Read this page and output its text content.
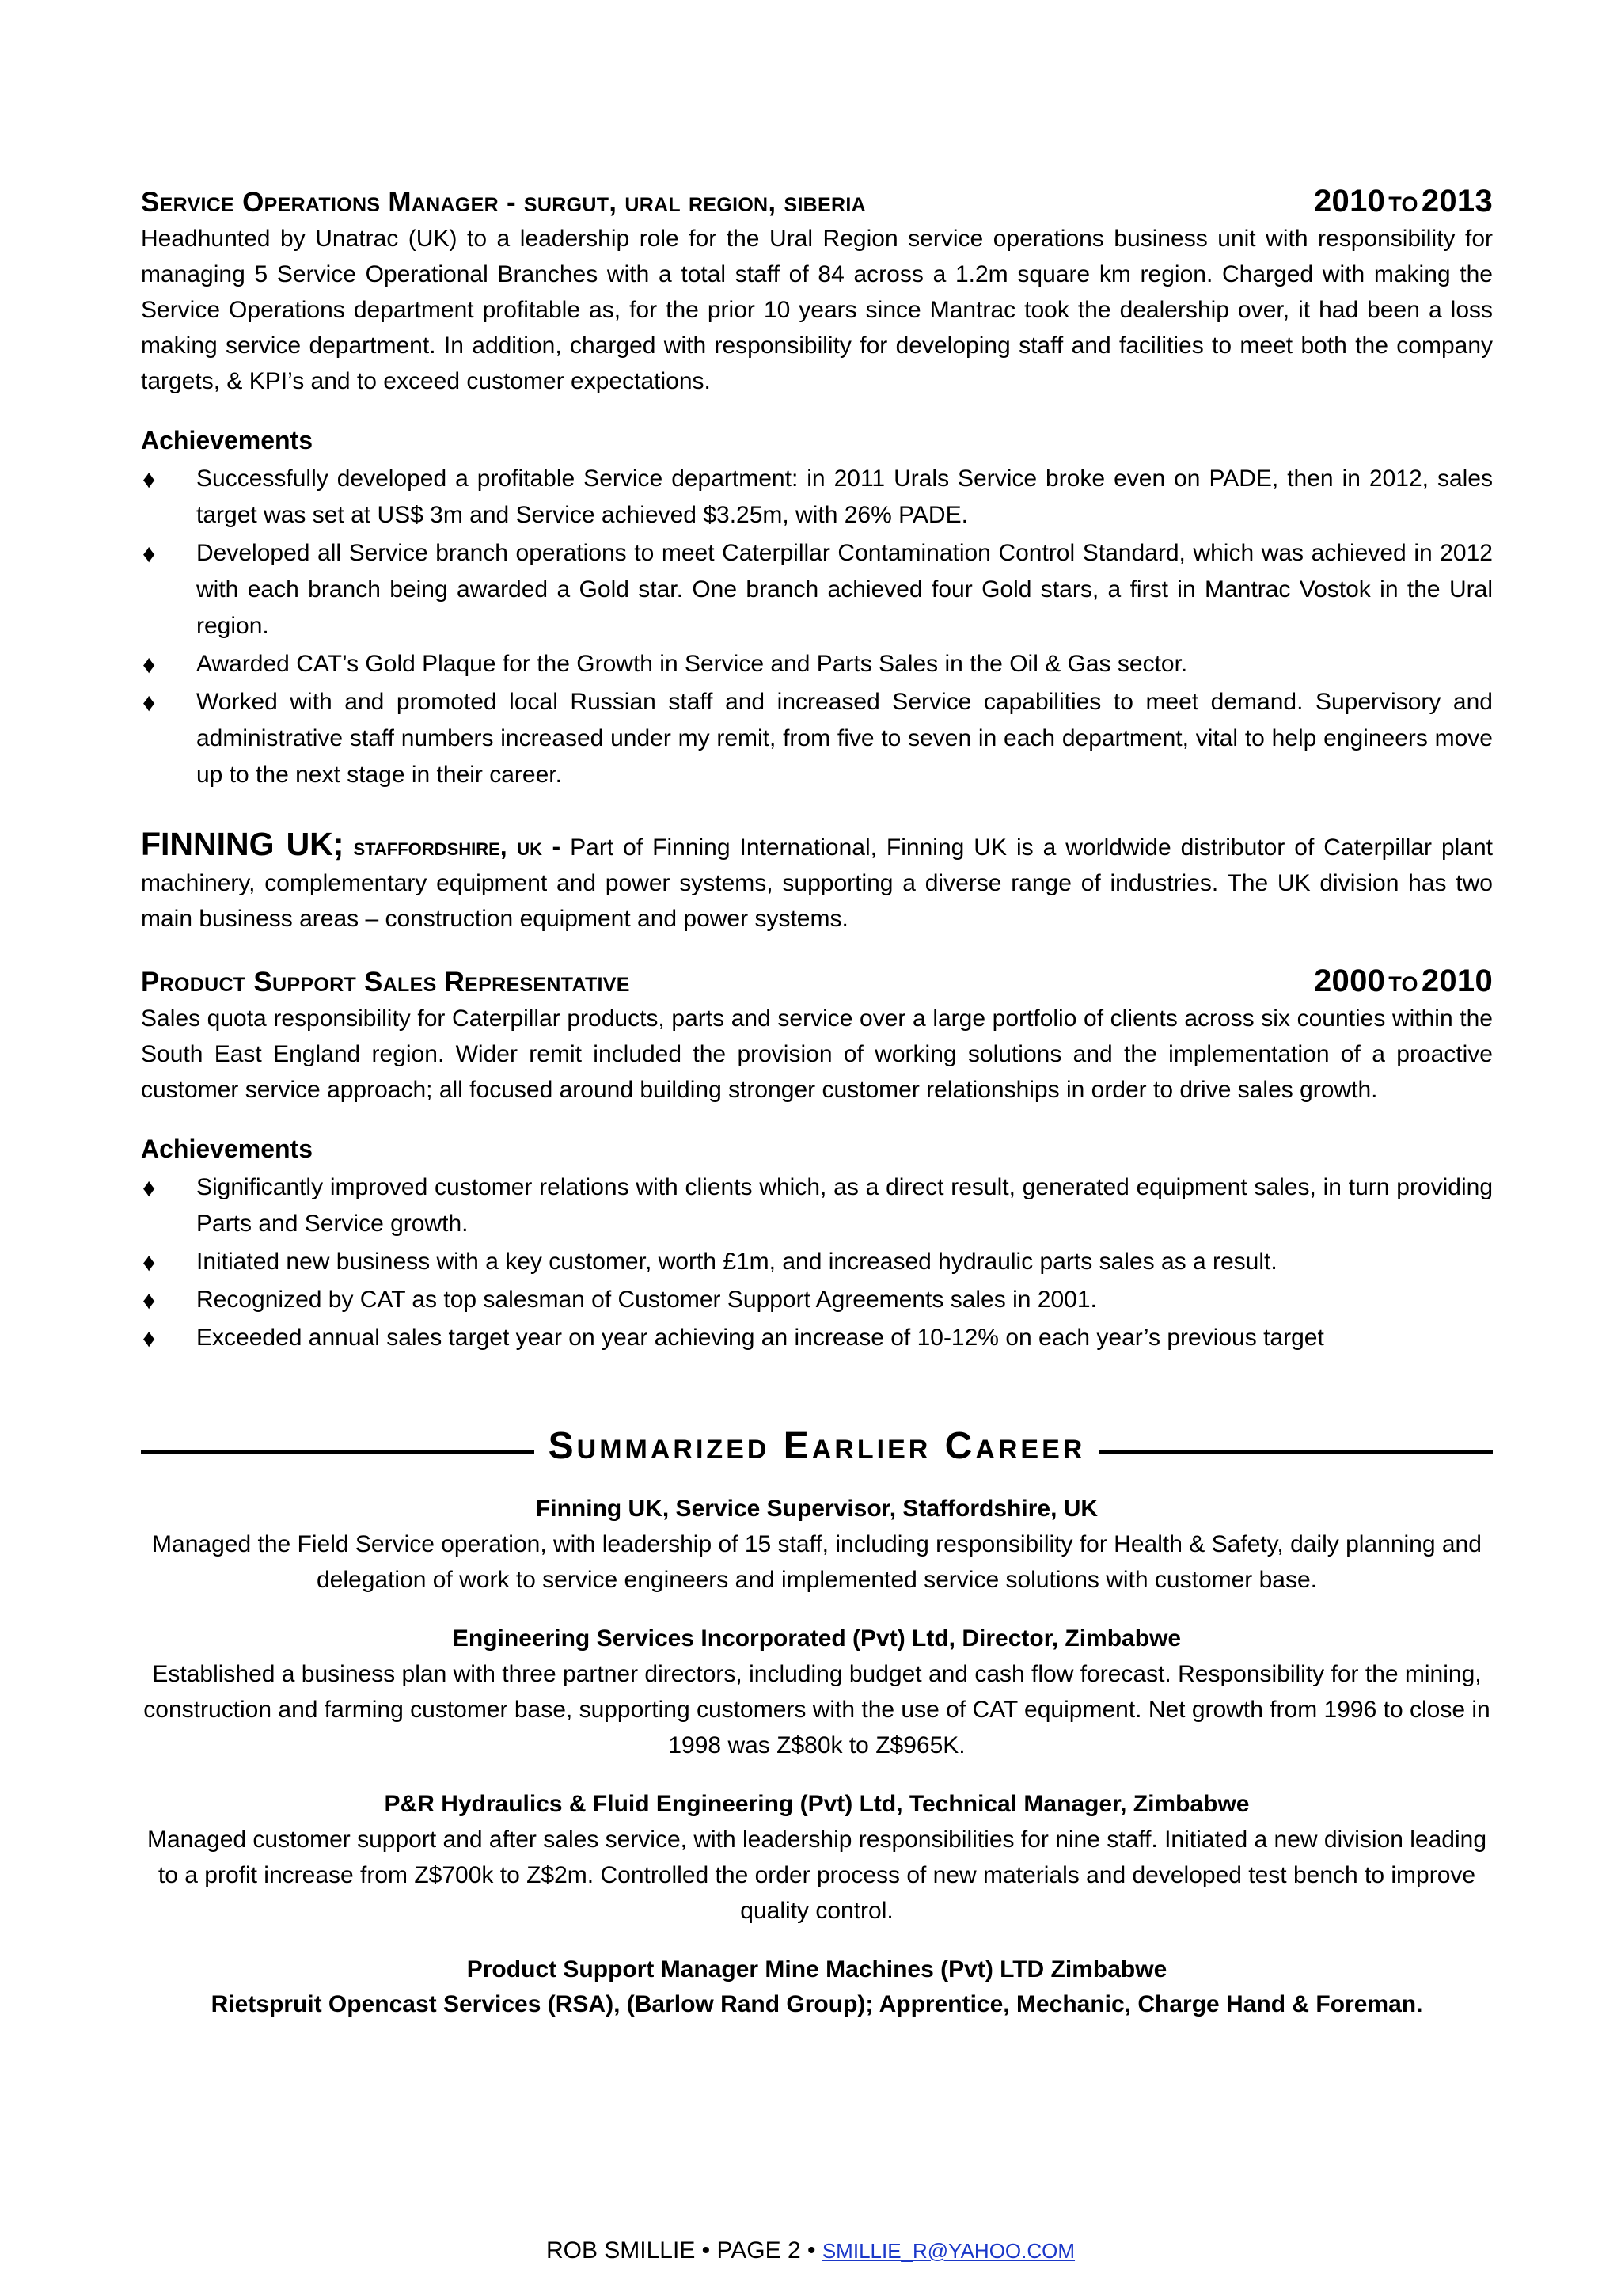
Service Operations Manager - surgut, ural region, siberia	2010 TO 2013

Headhunted by Unatrac (UK) to a leadership role for the Ural Region service operations business unit with responsibility for managing 5 Service Operational Branches with a total staff of 84 across a 1.2m square km region. Charged with making the Service Operations department profitable as, for the prior 10 years since Mantrac took the dealership over, it had been a loss making service department. In addition, charged with responsibility for developing staff and facilities to meet both the company targets, & KPI’s and to exceed customer expectations.

Achievements
♦ Successfully developed a profitable Service department: in 2011 Urals Service broke even on PADE, then in 2012, sales target was set at US$ 3m and Service achieved $3.25m, with 26% PADE.
♦ Developed all Service branch operations to meet Caterpillar Contamination Control Standard, which was achieved in 2012 with each branch being awarded a Gold star. One branch achieved four Gold stars, a first in Mantrac Vostok in the Ural region.
♦ Awarded CAT’s Gold Plaque for the Growth in Service and Parts Sales in the Oil & Gas sector.
♦ Worked with and promoted local Russian staff and increased Service capabilities to meet demand. Supervisory and administrative staff numbers increased under my remit, from five to seven in each department, vital to help engineers move up to the next stage in their career.
FINNING UK; staffordshire, uk - Part of Finning International, Finning UK is a worldwide distributor of Caterpillar plant machinery, complementary equipment and power systems, supporting a diverse range of industries. The UK division has two main business areas – construction equipment and power systems.
Product Support Sales Representative	2000 TO 2010

Sales quota responsibility for Caterpillar products, parts and service over a large portfolio of clients across six counties within the South East England region. Wider remit included the provision of working solutions and the implementation of a proactive customer service approach; all focused around building stronger customer relationships in order to drive sales growth.

Achievements
♦ Significantly improved customer relations with clients which, as a direct result, generated equipment sales, in turn providing Parts and Service growth.
♦ Initiated new business with a key customer, worth £1m, and increased hydraulic parts sales as a result.
♦ Recognized by CAT as top salesman of Customer Support Agreements sales in 2001.
♦ Exceeded annual sales target year on year achieving an increase of 10-12% on each year’s previous target
Summarized Earlier Career
Finning UK, Service Supervisor, Staffordshire, UK
Managed the Field Service operation, with leadership of 15 staff, including responsibility for Health & Safety, daily planning and delegation of work to service engineers and implemented service solutions with customer base.
Engineering Services Incorporated (Pvt) Ltd, Director, Zimbabwe
Established a business plan with three partner directors, including budget and cash flow forecast. Responsibility for the mining, construction and farming customer base, supporting customers with the use of CAT equipment. Net growth from 1996 to close in 1998 was Z$80k to Z$965K.
P&R Hydraulics & Fluid Engineering (Pvt) Ltd, Technical Manager, Zimbabwe
Managed customer support and after sales service, with leadership responsibilities for nine staff. Initiated a new division leading to a profit increase from Z$700k to Z$2m. Controlled the order process of new materials and developed test bench to improve quality control.
Product Support Manager Mine Machines (Pvt) LTD Zimbabwe
Rietspruit Opencast Services (RSA), (Barlow Rand Group); Apprentice, Mechanic, Charge Hand & Foreman.
ROB SMILLIE • PAGE 2 • SMILLIE_R@YAHOO.COM
